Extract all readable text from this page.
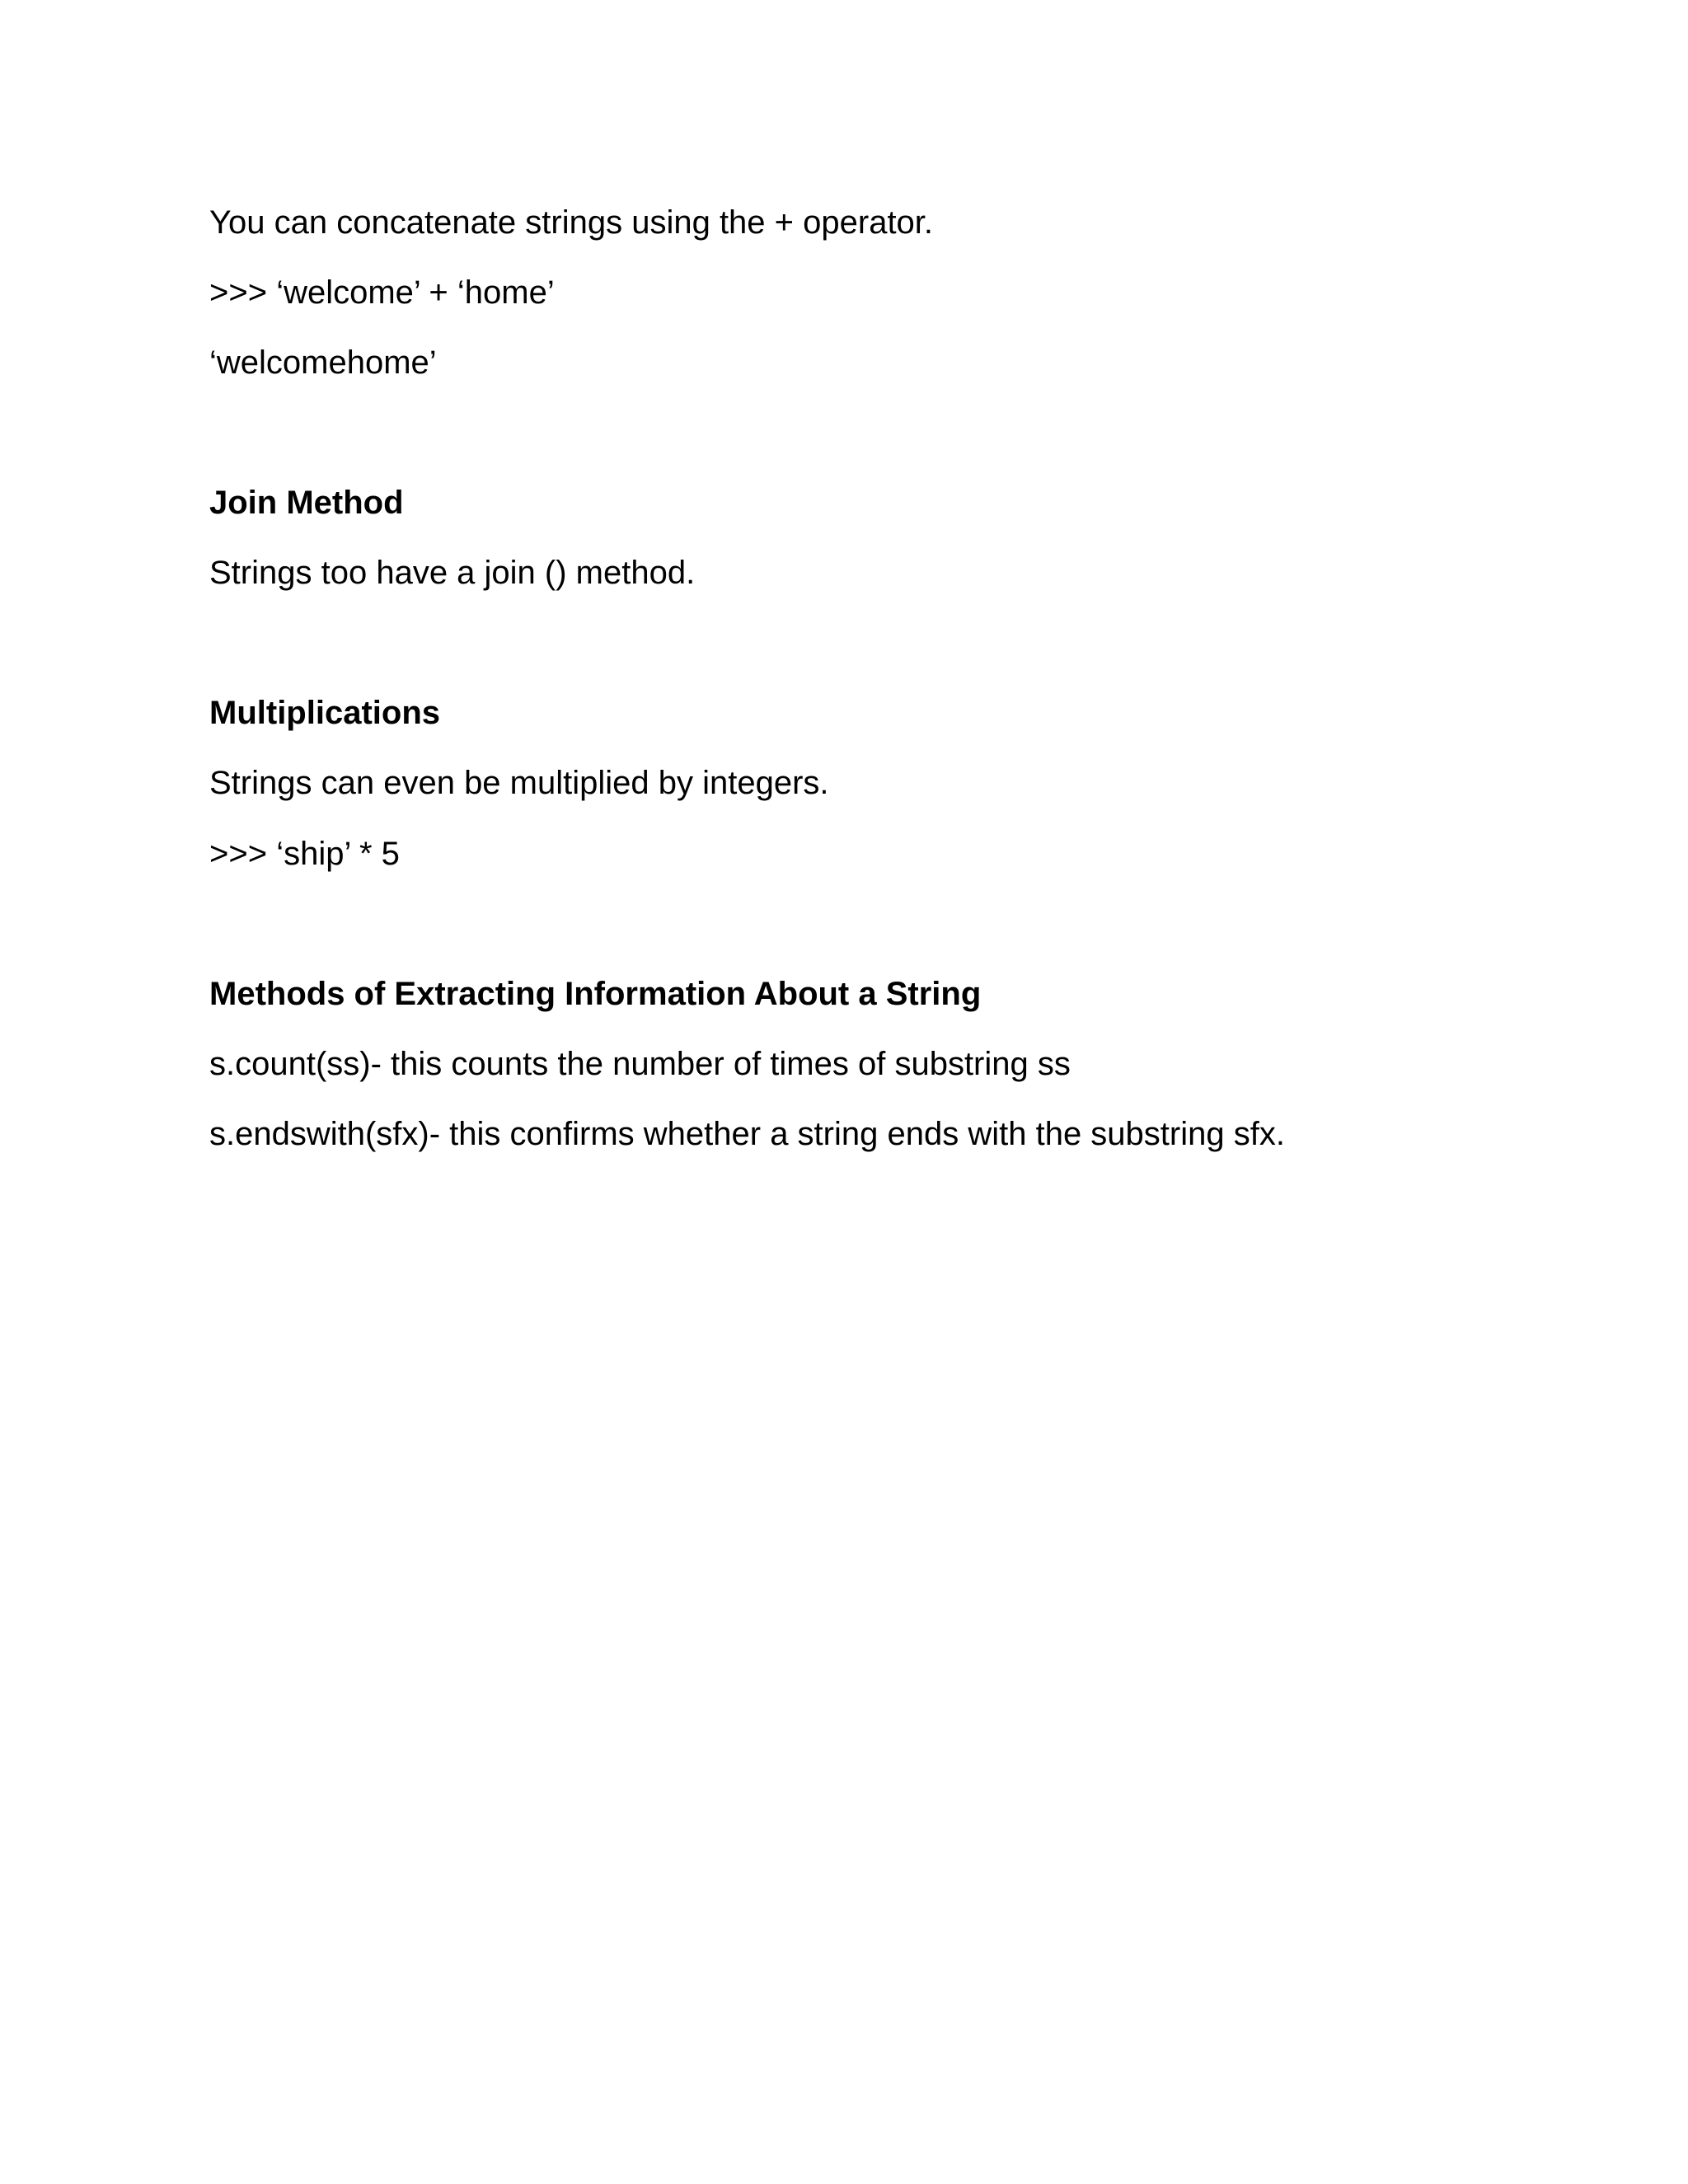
You can concatenate strings using the + operator.

>>> ‘welcome’ + ‘home’

‘welcomehome’

Join Method

Strings too have a join () method.

Multiplications

Strings can even be multiplied by integers.

>>> ‘ship’ * 5

Methods of Extracting Information About a String

s.count(ss)- this counts the number of times of substring ss

s.endswith(sfx)- this confirms whether a string ends with the substring sfx.
